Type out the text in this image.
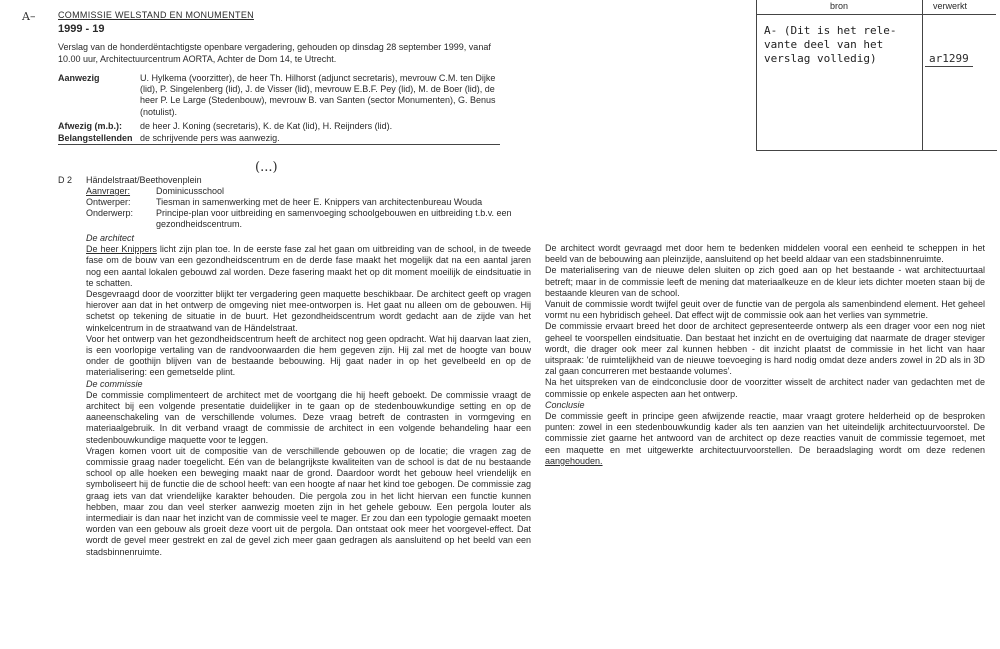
A–	COMMISSIE WELSTAND EN MONUMENTEN
1999 - 19
Verslag van de honderdëntachtigste openbare vergadering, gehouden op dinsdag 28 september 1999, vanaf 10.00 uur, Architectuurcentrum AORTA, Achter de Dom 14, te Utrecht.
Aanwezig	U. Hylkema (voorzitter), de heer Th. Hilhorst (adjunct secretaris), mevrouw C.M. ten Dijke (lid), P. Singelenberg (lid), J. de Visser (lid), mevrouw E.B.F. Pey (lid), M. de Boer (lid), de heer P. Le Large (Stedenbouw), mevrouw B. van Santen (sector Monumenten), G. Benus (notulist).
Afwezig (m.b.): de heer J. Koning (secretaris), K. de Kat (lid), H. Reijnders (lid).
Belangstellenden de schrijvende pers was aanwezig.
bron	verwerkt
A- (Dit is het rele-
vante deel van het
verslag volledig)	ar1299
(...)
D 2 Händelstraat/Beethovenplein
Aanvrager:	Dominicusschool
Ontwerper:	Tiesman in samenwerking met de heer E. Knippers van architectenbureau Wouda
Onderwerp:	Principe-plan voor uitbreiding en samenvoeging schoolgebouwen en uitbreiding t.b.v. een gezondheidscentrum.

De architect

De heer Knippers licht zijn plan toe. In de eerste fase zal het gaan om uitbreiding van de school, in de tweede fase om de bouw van een gezondheidscentrum en de derde fase maakt het mogelijk dat na een aantal jaren nog een aantal lokalen gebouwd zal worden. Deze fasering maakt het op dit moment moeilijk de eindsituatie in te schatten.

Desgevraagd door de voorzitter blijkt ter vergadering geen maquette beschikbaar. De architect geeft op vragen hierover aan dat in het ontwerp de omgeving niet mee-ontworpen is. Het gaat nu alleen om de gebouwen. Hij schetst op tekening de situatie in de buurt. Het gezondheidscentrum wordt gedacht aan de zijde van het winkelcentrum in de straatwand van de Händelstraat.

Voor het ontwerp van het gezondheidscentrum heeft de architect nog geen opdracht. Wat hij daarvan laat zien, is een voorlopige vertaling van de randvoorwaarden die hem gegeven zijn. Hij zal met de hoogte van bouw onder de goothijn blijven van de bestaande bebouwing. Hij gaat nader in op het gevelbeeld en op de materialisering: een gemetselde plint.

De commissie

De commissie complimenteert de architect met de voortgang die hij heeft geboekt. De commissie vraagt de architect bij een volgende presentatie duidelijker in te gaan op de stedenbouwkundige setting en op de aaneenschakeling van de verschillende volumes. Deze vraag betreft de contrasten in vormgeving en materiaalgebruik. In dit verband vraagt de commissie de architect in een volgende behandeling haar een stedenbouwkundige maquette voor te leggen.

Vragen komen voort uit de compositie van de verschillende gebouwen op de locatie; die vragen zag de commissie graag nader toegelicht. Eén van de belangrijkste kwaliteiten van de school is dat de nu bestaande school op alle hoeken een beweging maakt naar de grond. Daardoor wordt het gebouw heel vriendelijk en symboliseert hij de functie die de school heeft: van een hoogte af naar het kind toe gebogen. De commissie zag graag iets van dat vriendelijke karakter behouden. Die pergola zou in het licht hiervan een functie kunnen hebben, maar zou dan veel sterker aanwezig moeten zijn in het gehele gebouw. Een pergola louter als intermediair is dan naar het inzicht van de commissie veel te mager. Er zou dan een typologie gemaakt moeten worden van een gebouw als groeit deze voort uit de pergola. Dan ontstaat ook meer het voorgevel-effect. Dat wordt de gevel meer gestrekt en zal de gevel zich meer gaan gedragen als aansluitend op het beeld van een stadsbinnenruimte.

De architect wordt gevraagd met door hem te bedenken middelen vooral een eenheid te scheppen in het beeld van de bebouwing aan pleinzijde, aansluitend op het beeld aldaar van een stadsbinnenruimte.

De materialisering van de nieuwe delen sluiten op zich goed aan op het bestaande - wat architectuurtaal betreft; maar in de commissie leeft de mening dat materiaalkeuze en de kleur iets dichter moeten staan bij de bestaande kleuren van de school.

Vanuit de commissie wordt twijfel geuit over de functie van de pergola als samenbindend element. Het geheel vormt nu een hybridisch geheel. Dat effect wijt de commissie ook aan het verlies van symmetrie.

De commissie ervaart breed het door de architect gepresenteerde ontwerp als een drager voor een nog niet geheel te voorspellen eindsituatie. Dan bestaat het inzicht en de overtuiging dat naarmate de drager steviger wordt, die drager ook meer zal kunnen hebben - dit inzicht plaatst de commissie in het licht van haar uitspraak: 'de ruimtelijkheid van de nieuwe toevoeging is hard nodig omdat deze anders zowel in 2D als in 3D zal gaan concurreren met bestaande volumes'.

Na het uitspreken van de eindconclusie door de voorzitter wisselt de architect nader van gedachten met de commissie op enkele aspecten aan het ontwerp.

Conclusie

De commissie geeft in principe geen afwijzende reactie, maar vraagt grotere helderheid op de besproken punten: zowel in een stedenbouwkundig kader als ten aanzien van het uiteindelijk architectuurvoorstel. De commissie ziet gaarne het antwoord van de architect op deze reacties vanuit de commissie tegemoet, met een maquette en met uitgewerkte architectuurvoorstellen. De beraadslaging wordt om deze redenen aangehouden.
